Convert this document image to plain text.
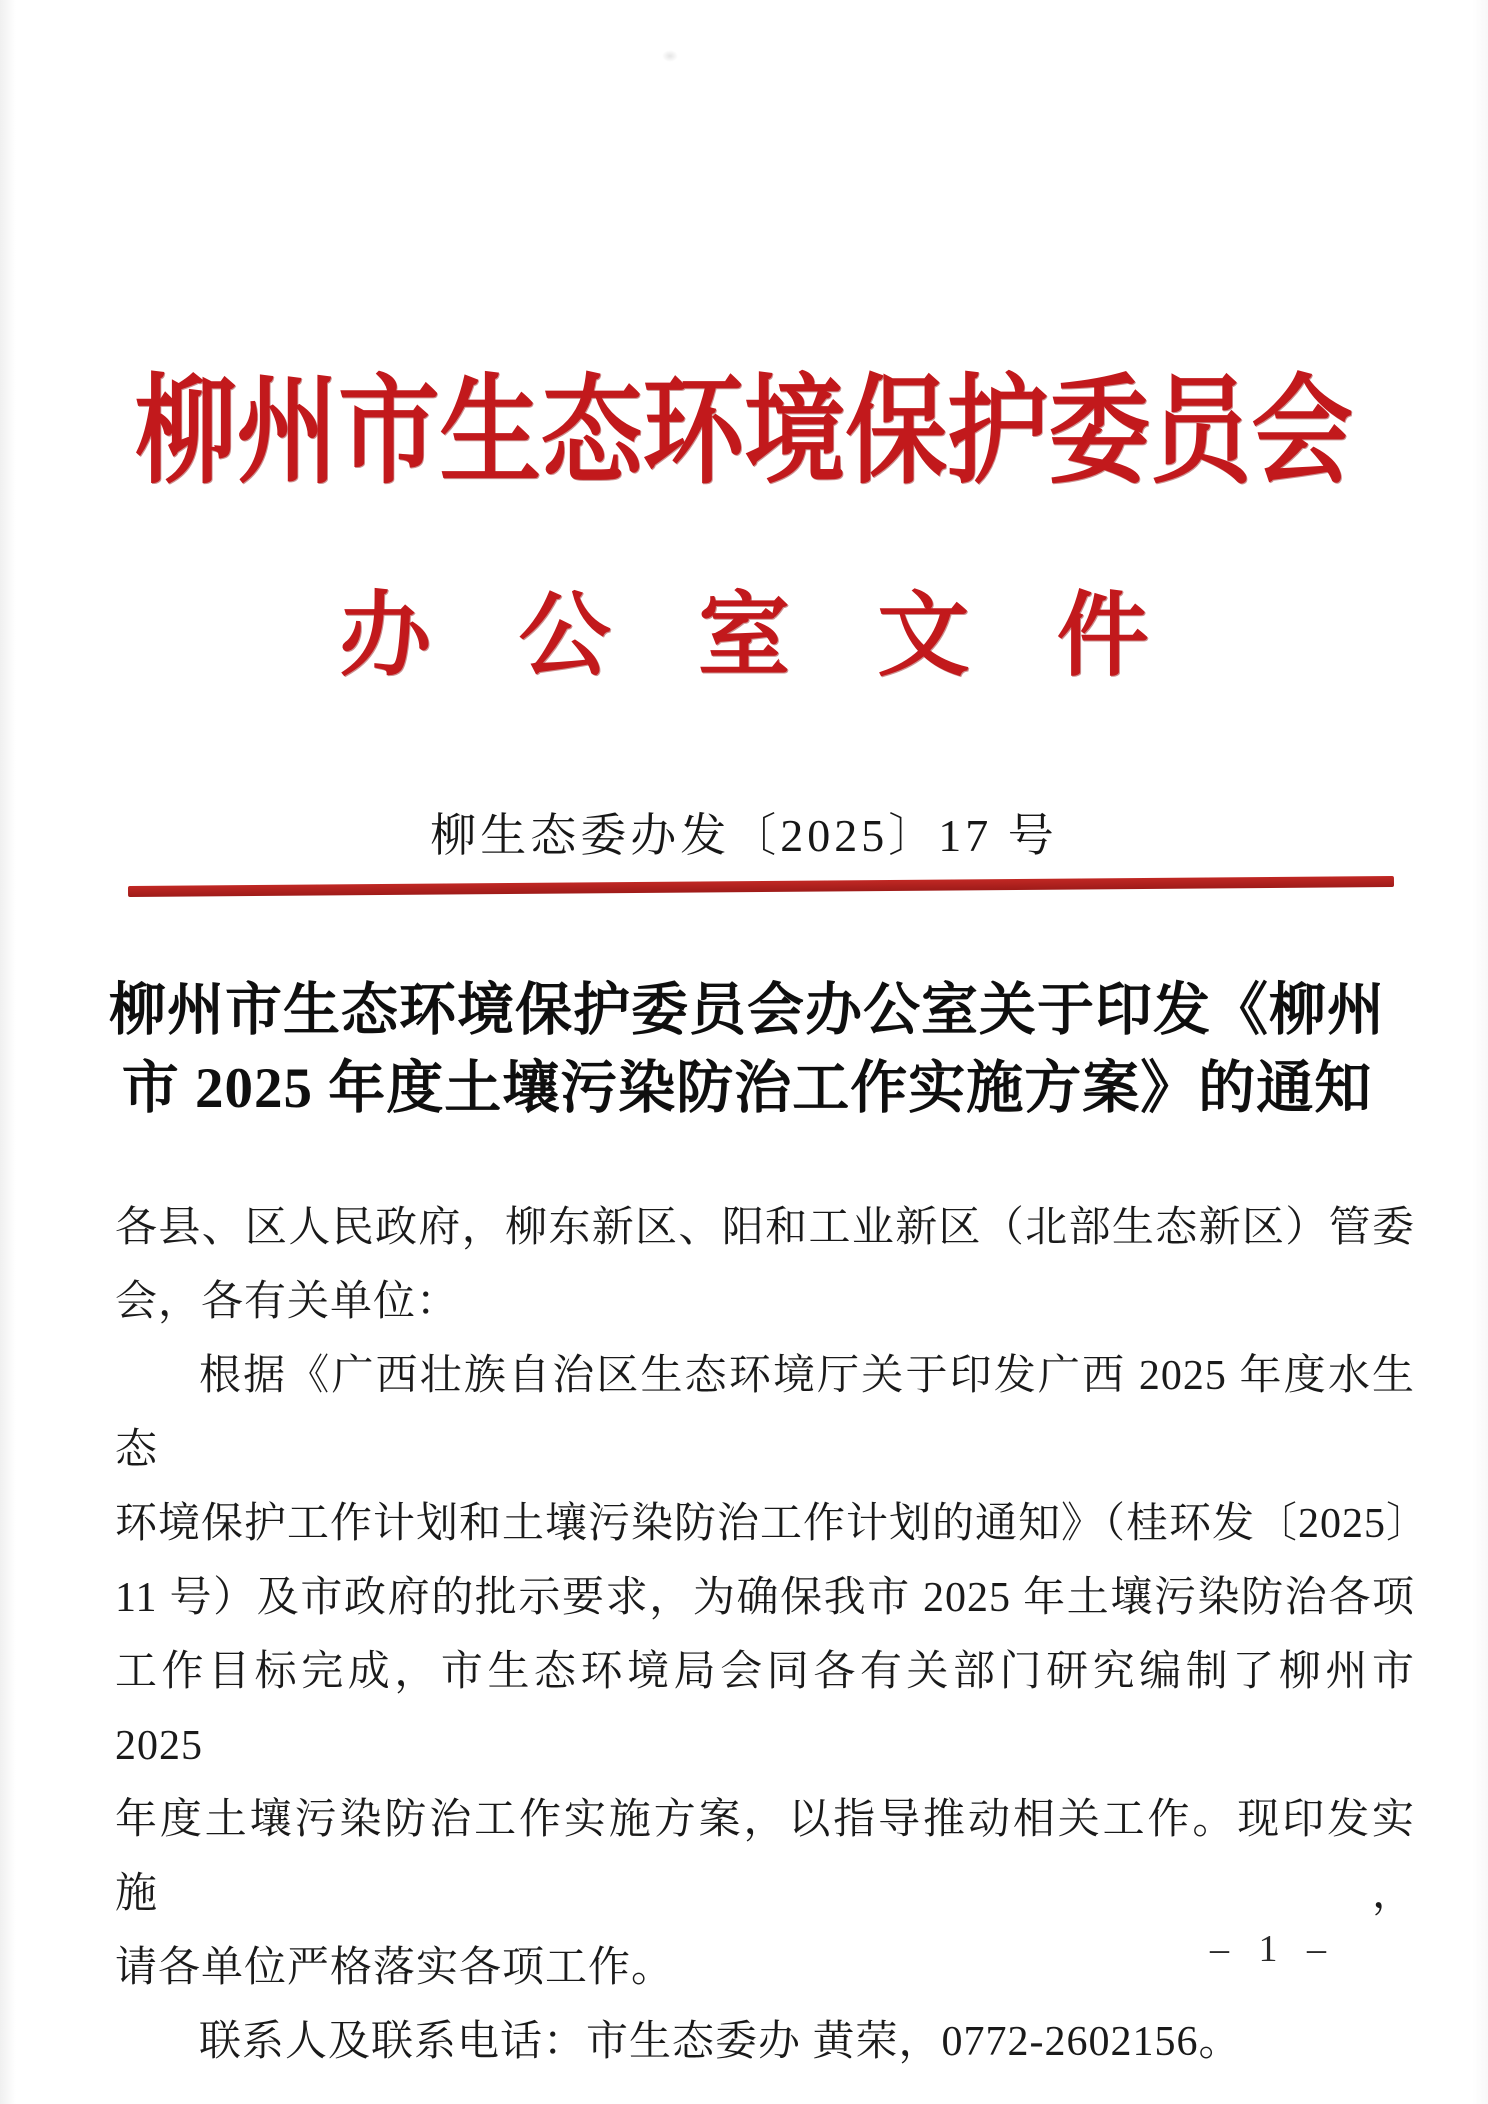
柳州市生态环境保护委员会
办公室文件
柳生态委办发〔2025〕17 号
柳州市生态环境保护委员会办公室关于印发《柳州
市 2025 年度土壤污染防治工作实施方案》的通知
各县、区人民政府，柳东新区、阳和工业新区（北部生态新区）管委
会，各有关单位：
根据《广西壮族自治区生态环境厅关于印发广西 2025 年度水生态
环境保护工作计划和土壤污染防治工作计划的通知》（桂环发〔2025〕
11 号）及市政府的批示要求，为确保我市 2025 年土壤污染防治各项
工作目标完成，市生态环境局会同各有关部门研究编制了柳州市 2025
年度土壤污染防治工作实施方案，以指导推动相关工作。现印发实施，
请各单位严格落实各项工作。
联系人及联系电话：市生态委办 黄荣，0772-2602156。
– 1 –
